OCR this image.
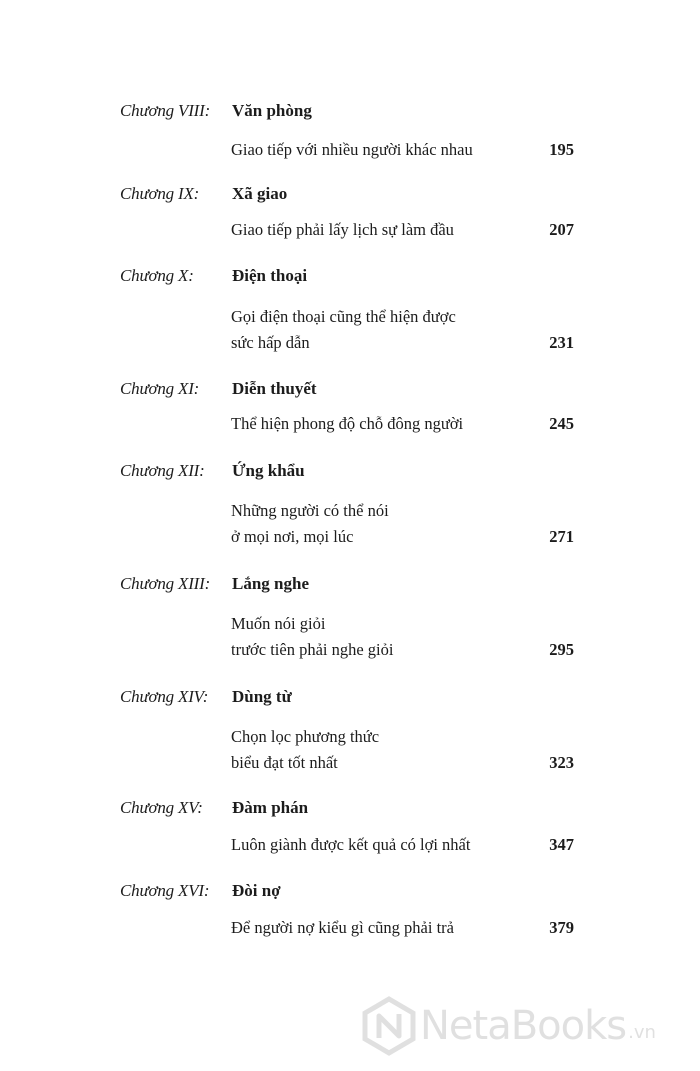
Chương VIII: Văn phòng
Giao tiếp với nhiều người khác nhau	195
Chương IX: Xã giao
Giao tiếp phải lấy lịch sự làm đầu	207
Chương X: Điện thoại
Gọi điện thoại cũng thể hiện được
sức hấp dẫn	231
Chương XI: Diễn thuyết
Thể hiện phong độ chỗ đông người	245
Chương XII: Ứng khẩu
Những người có thể nói
ở mọi nơi, mọi lúc	271
Chương XIII: Lắng nghe
Muốn nói giỏi
trước tiên phải nghe giỏi	295
Chương XIV: Dùng từ
Chọn lọc phương thức
biểu đạt tốt nhất	323
Chương XV: Đàm phán
Luôn giành được kết quả có lợi nhất	347
Chương XVI: Đòi nợ
Để người nợ kiểu gì cũng phải trả	379
NetaBooks .vn
